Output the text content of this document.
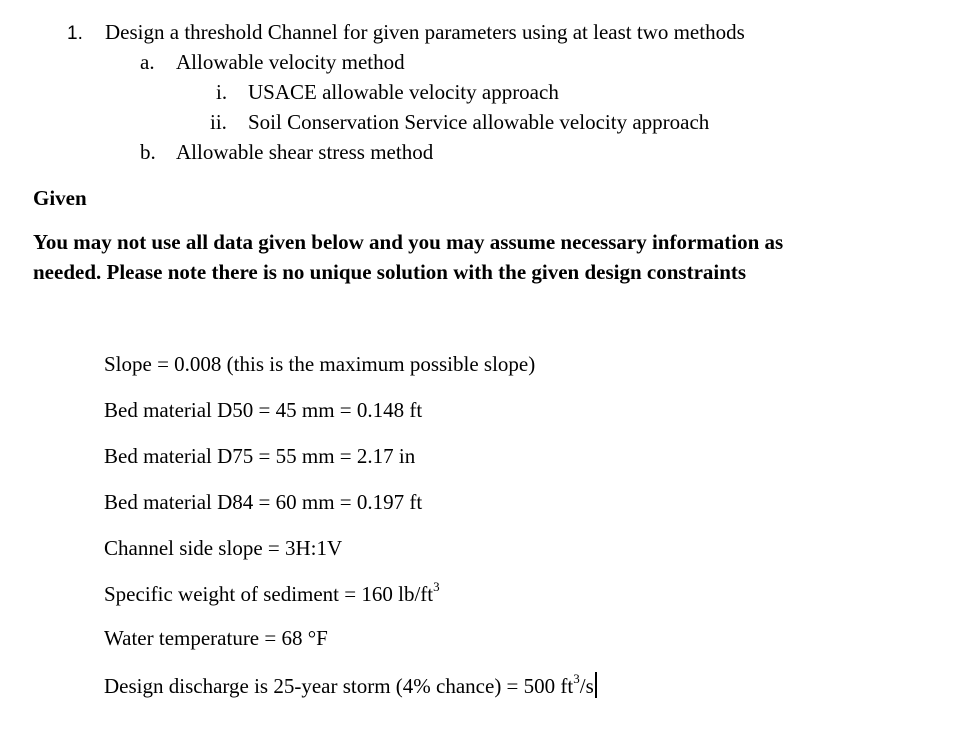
1. Design a threshold Channel for given parameters using at least two methods
a. Allowable velocity method
i. USACE allowable velocity approach
ii. Soil Conservation Service allowable velocity approach
b. Allowable shear stress method
Given
You may not use all data given below and you may assume necessary information as
needed. Please note there is no unique solution with the given design constraints
Slope = 0.008 (this is the maximum possible slope)
Bed material D50 = 45 mm = 0.148 ft
Bed material D75 = 55 mm = 2.17 in
Bed material D84 = 60 mm = 0.197 ft
Channel side slope = 3H:1V
Specific weight of sediment = 160 $lb/ft^3$
Water temperature = 68 °F
Design discharge is 25-year storm (4% chance) = 500 $ft^3/s$
